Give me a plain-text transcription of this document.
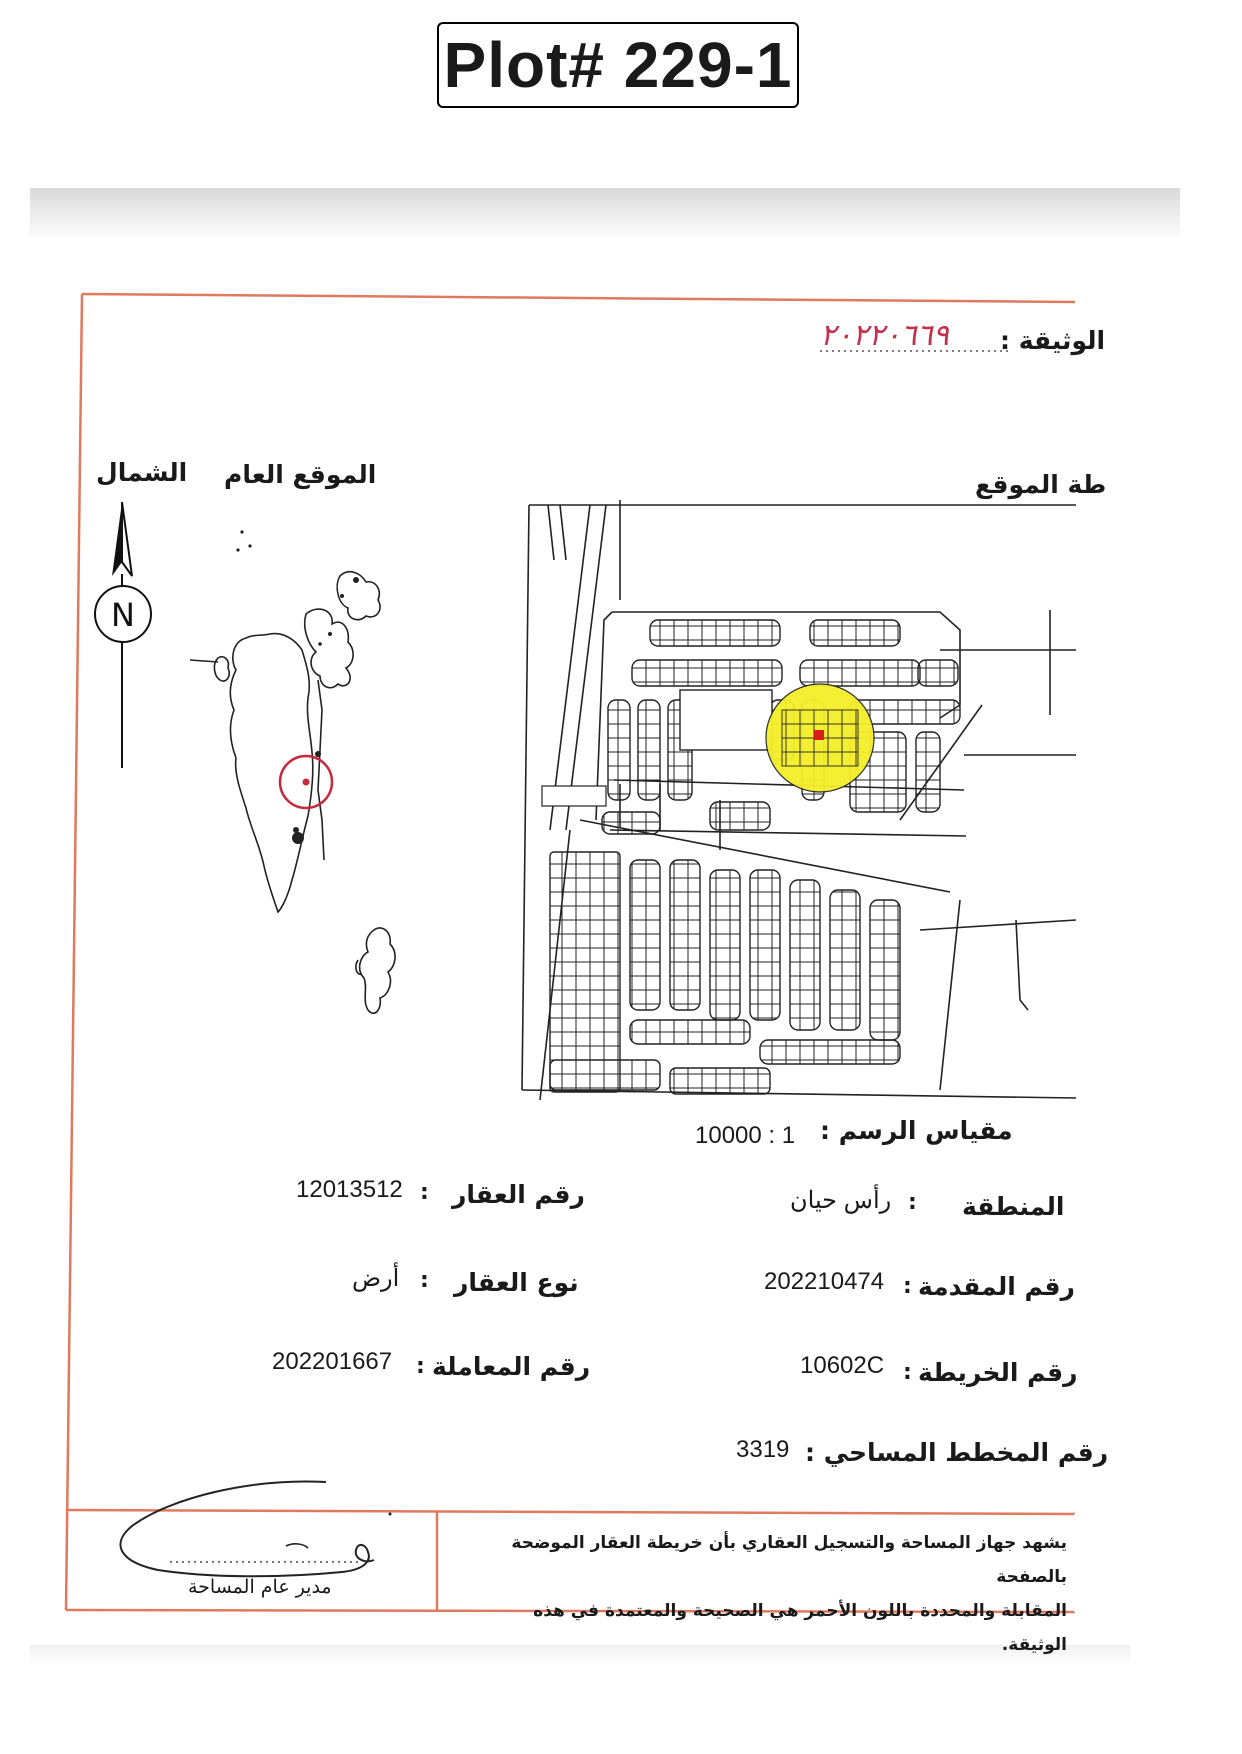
Plot# 229-1
الوثيقة :
٢٠٢٢٠٦٦٩
الموقع العام
الشمال
N
طة الموقع
مقياس الرسم :
10000 : 1
المنطقة
:
رأس حيان
رقم المقدمة
:
202210474
رقم الخريطة
:
10602C
رقم المخطط المساحي :
3319
رقم العقار
:
12013512
نوع العقار
:
أرض
رقم المعاملة
:
202201667
مدير عام المساحة
يشهد جهاز المساحة والتسجيل العقاري بأن خريطة العقار الموضحة بالصفحة
المقابلة والمحددة باللون الأحمر هي الصحيحة والمعتمدة في هذه الوثيقة.
